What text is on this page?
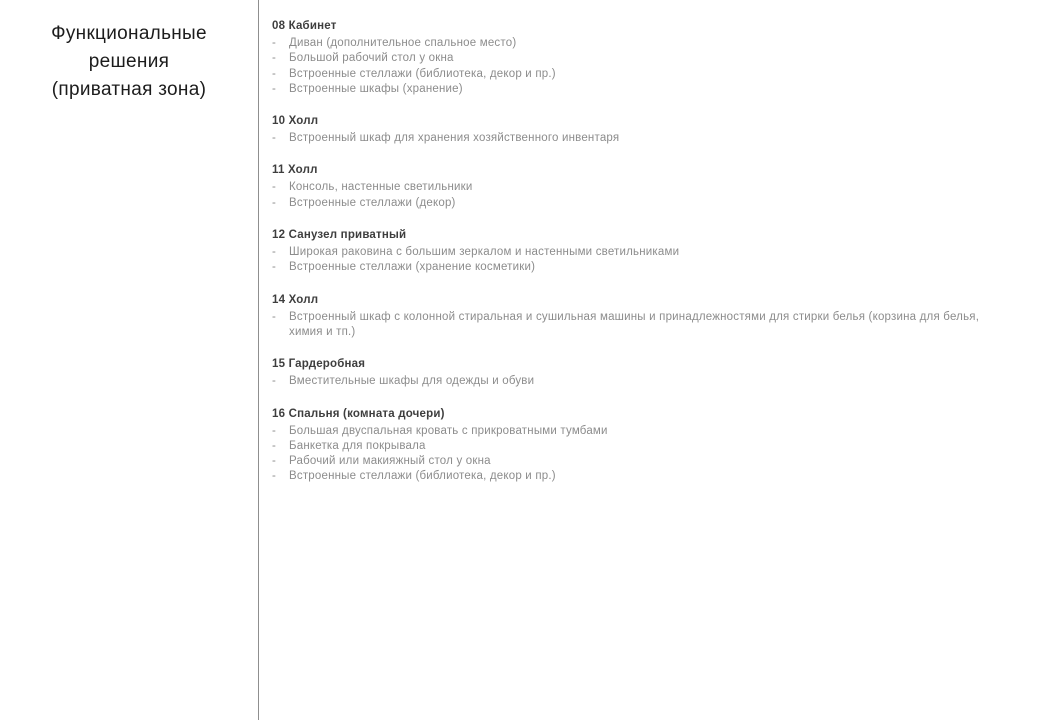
Функциональные
решения
(приватная зона)
08 Кабинет
-	Диван (дополнительное спальное место)
-	Большой рабочий стол у окна
-	Встроенные стеллажи (библиотека, декор и пр.)
-	Встроенные шкафы (хранение)
10 Холл
-	Встроенный шкаф для хранения хозяйственного инвентаря
11 Холл
-	Консоль, настенные светильники
-	Встроенные стеллажи (декор)
12 Санузел приватный
-	Широкая раковина с большим зеркалом и настенными светильниками
-	Встроенные стеллажи (хранение косметики)
14 Холл
-	Встроенный шкаф с колонной стиральная и сушильная машины и принадлежностями для стирки белья (корзина для белья, химия и тп.)
15 Гардеробная
-	Вместительные шкафы для одежды и обуви
16 Спальня (комната дочери)
-	Большая двуспальная кровать с прикроватными тумбами
-	Банкетка для покрывала
-	Рабочий или макияжный стол у окна
-	Встроенные стеллажи (библиотека, декор и пр.)
